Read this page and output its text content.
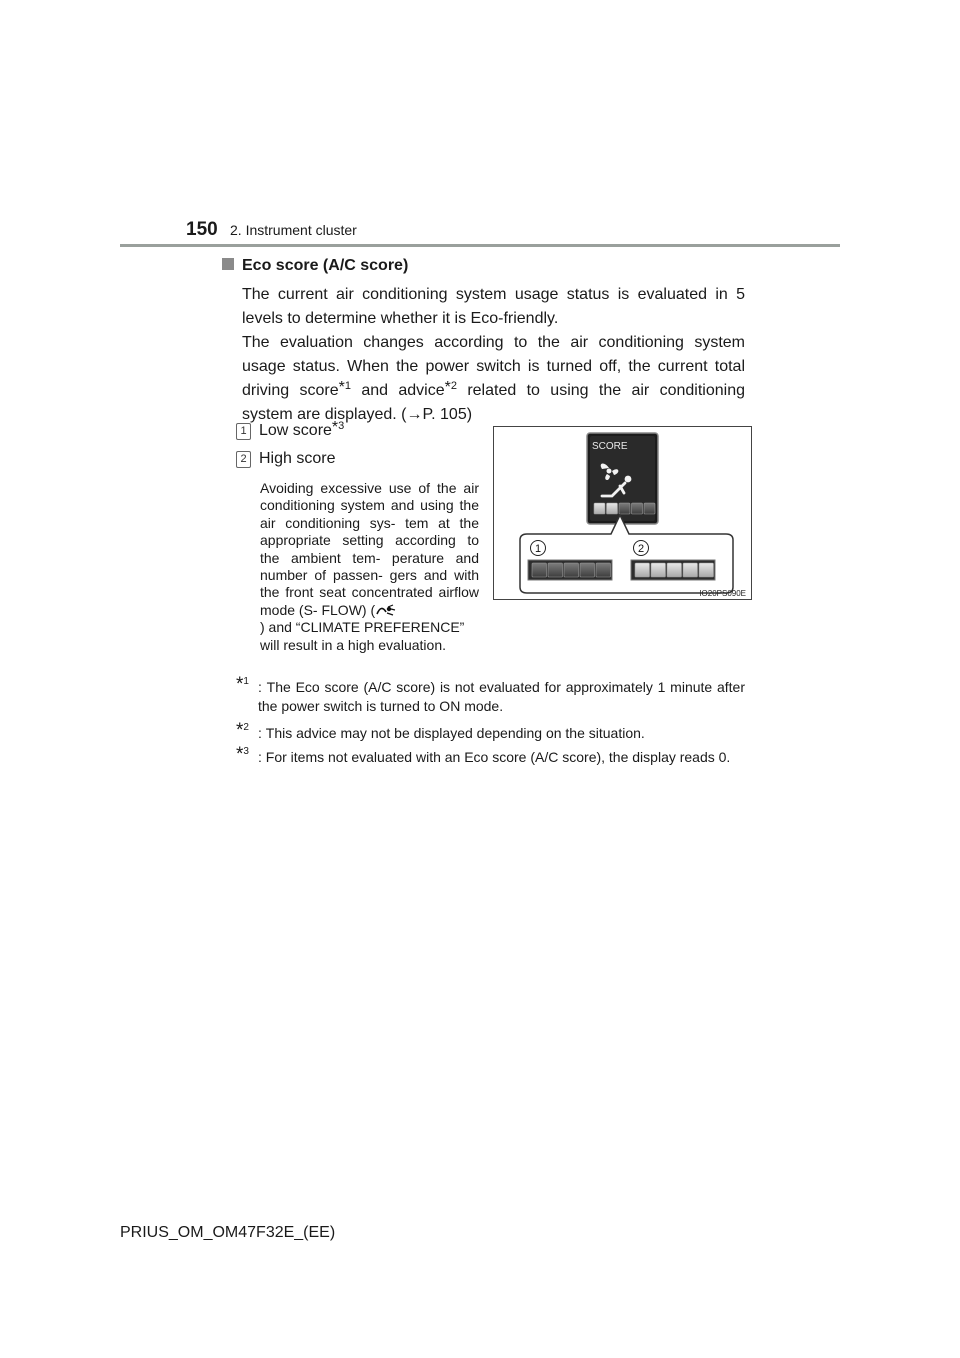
150 2. Instrument cluster
Eco score (A/C score)
The current air conditioning system usage status is evaluated in 5 levels to determine whether it is Eco-friendly.
The evaluation changes according to the air conditioning system usage status. When the power switch is turned off, the current total driving score$^{*1}$ and advice$^{*2}$ related to using the air conditioning system are displayed. (→P. 105)
1 Low score$^{*3}$
2 High score
Avoiding excessive use of the air conditioning system and using the air conditioning sys- tem at the appropriate setting according to the ambient tem- perature and number of passen- gers and with the front seat concentrated airflow mode (S- FLOW) (
) and “CLIMATE PREFERENCE” will result in a high evaluation.
SCORE
1	2
IO20PS090E
*$^1$ : The Eco score (A/C score) is not evaluated for approximately 1 minute after the power switch is turned to ON mode.
*$^2$ : This advice may not be displayed depending on the situation.
*$^3$ : For items not evaluated with an Eco score (A/C score), the display reads 0.
PRIUS_OM_OM47F32E_(EE)
